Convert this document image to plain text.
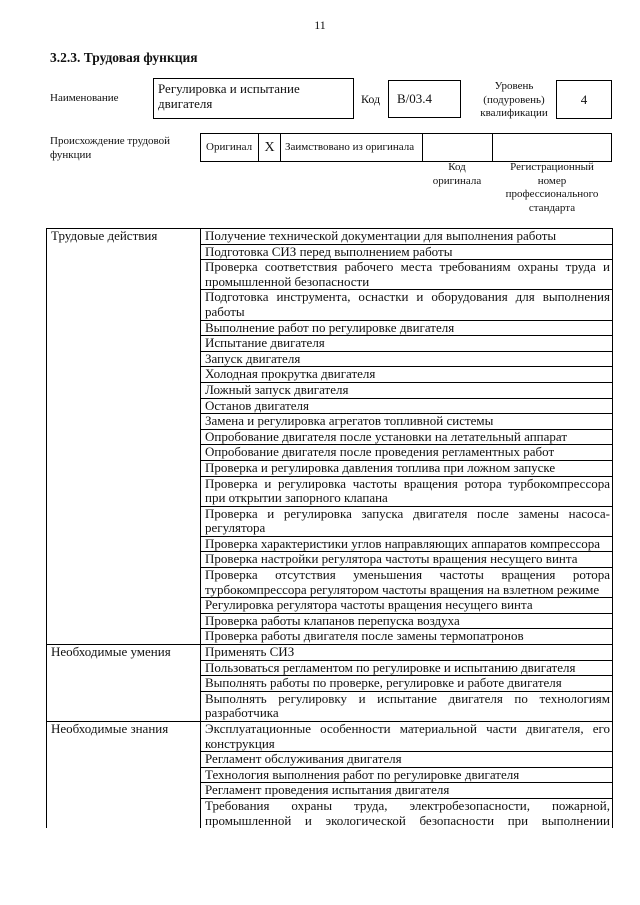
11
3.2.3. Трудовая функция
Наименование
Регулировка и испытание двигателя	Код B/03.4
Уровень (подуровень) квалификации
4
Происхождение трудовой функции
Оригинал X Заимствовано из оригинала
Код оригинала
Регистрационный номер профессионального стандарта
Трудовые действия	Получение технической документации для выполнения работы
	Подготовка СИЗ перед выполнением работы
	Проверка соответствия рабочего места требованиям охраны труда и промышленной безопасности
	Подготовка инструмента, оснастки и оборудования для выполнения работы
	Выполнение работ по регулировке двигателя
	Испытание двигателя
	Запуск двигателя
	Холодная прокрутка двигателя
	Ложный запуск двигателя
	Останов двигателя
	Замена и регулировка агрегатов топливной системы
	Опробование двигателя после установки на летательный аппарат
	Опробование двигателя после проведения регламентных работ
	Проверка и регулировка давления топлива при ложном запуске
	Проверка и регулировка частоты вращения ротора турбокомпрессора при открытии запорного клапана
	Проверка и регулировка запуска двигателя после замены насоса-регулятора
	Проверка характеристики углов направляющих аппаратов компрессора
	Проверка настройки регулятора частоты вращения несущего винта
	Проверка отсутствия уменьшения частоты вращения ротора турбокомпрессора регулятором частоты вращения на взлетном режиме
	Регулировка регулятора частоты вращения несущего винта
	Проверка работы клапанов перепуска воздуха
	Проверка работы двигателя после замены термопатронов
Необходимые умения	Применять СИЗ
	Пользоваться регламентом по регулировке и испытанию двигателя
	Выполнять работы по проверке, регулировке и работе двигателя
	Выполнять регулировку и испытание двигателя по технологиям разработчика
Необходимые знания	Эксплуатационные особенности материальной части двигателя, его конструкция
	Регламент обслуживания двигателя
	Технология выполнения работ по регулировке двигателя
	Регламент проведения испытания двигателя
	Требования охраны труда, электробезопасности, пожарной, промышленной и экологической безопасности при выполнении
